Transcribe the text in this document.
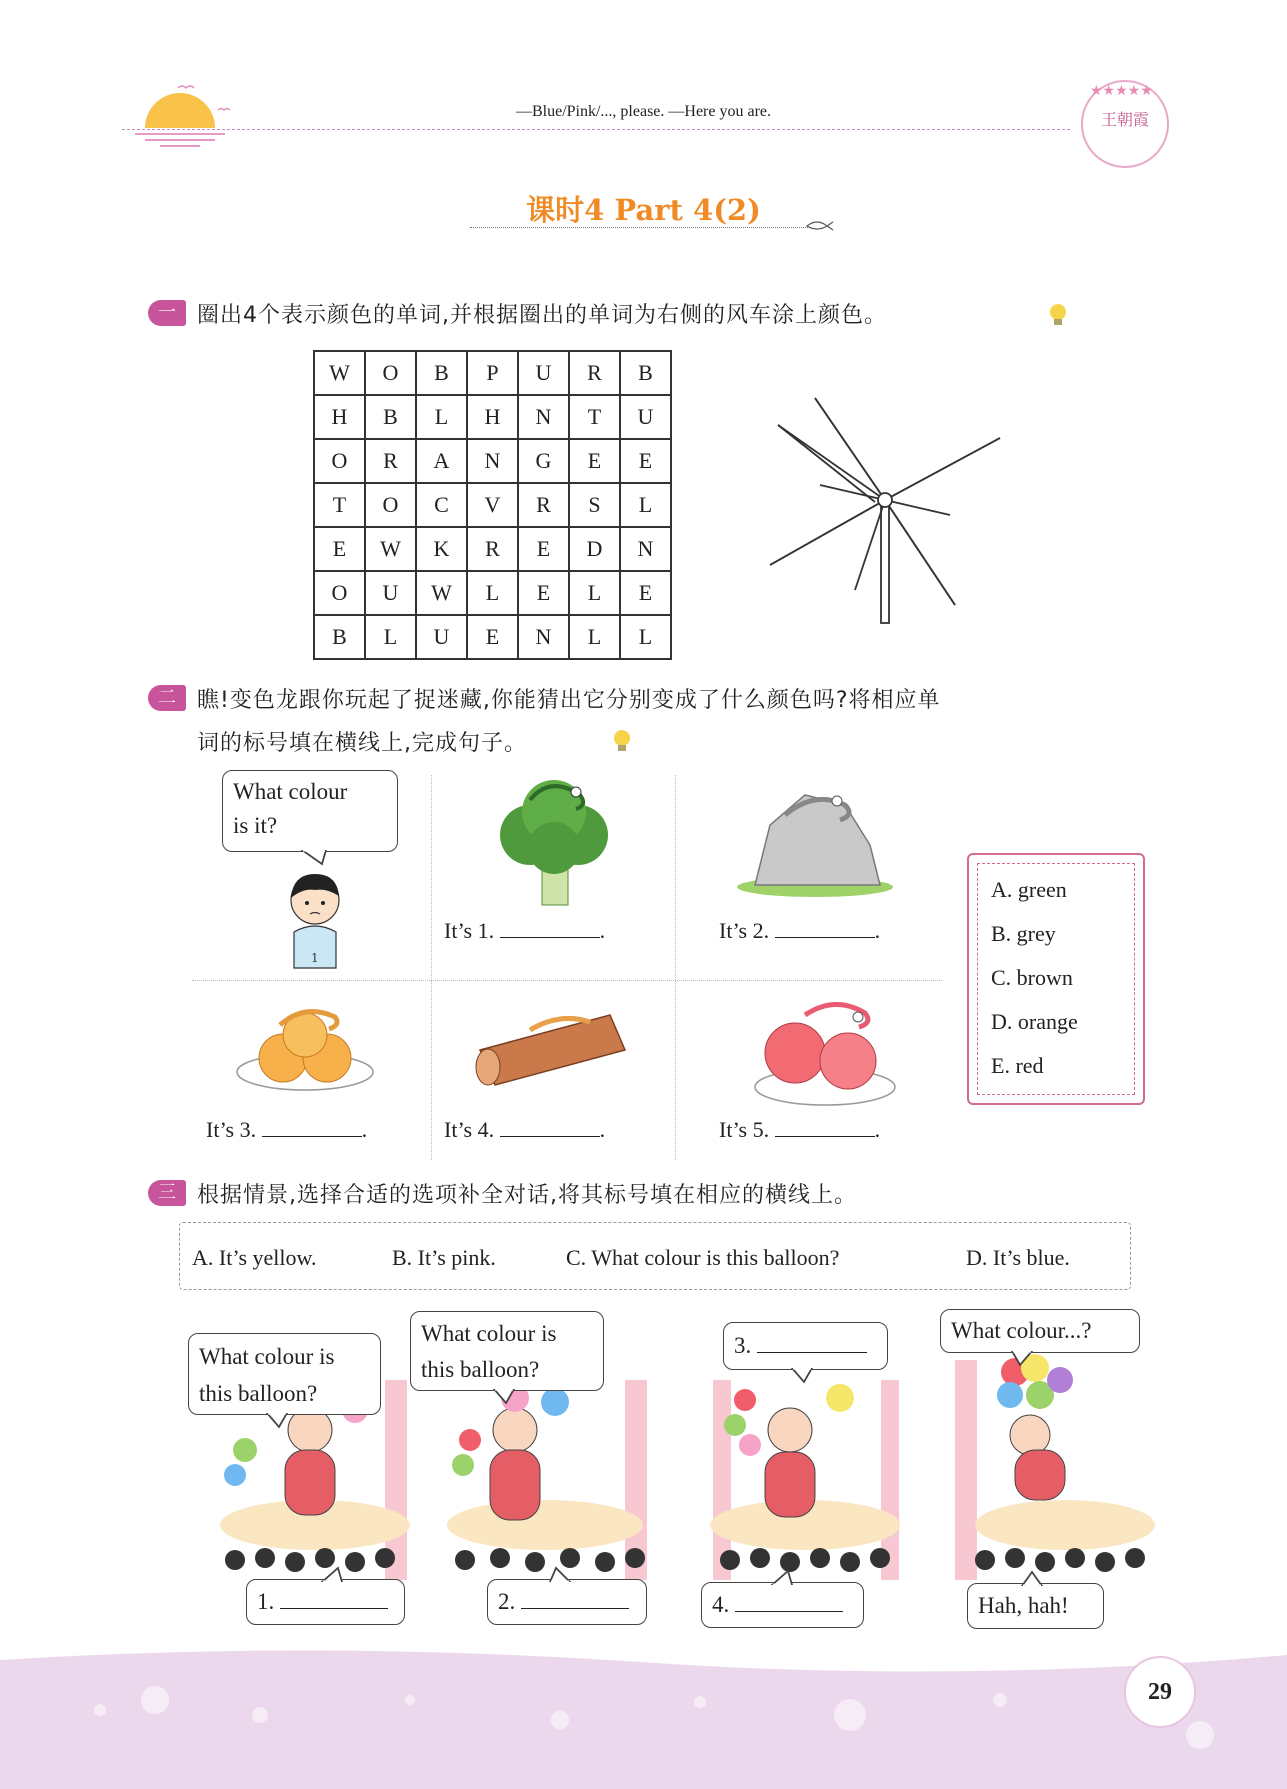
—Blue/Pink/..., please. —Here you are.
★★★★★
王朝霞
课时4 Part 4(2)
一 圈出4个表示颜色的单词,并根据圈出的单词为右侧的风车涂上颜色。
W	O	B	P	U	R	B
H	B	L	H	N	T	U
O	R	A	N	G	E	E
T	O	C	V	R	S	L
E	W	K	R	E	D	N
O	U	W	L	E	L	E
B	L	U	E	N	L	L
二 瞧!变色龙跟你玩起了捉迷藏,你能猜出它分别变成了什么颜色吗?将相应单
词的标号填在横线上,完成句子。
What colour
is it?
1
It’s 1.	.	It’s 2.	.
It’s 3.	.	It’s 4.	.	It’s 5.	.
A. green
B. grey
C. brown
D. orange
E. red
三 根据情景,选择合适的选项补全对话,将其标号填在相应的横线上。
A. It’s yellow.	B. It’s pink.	C. What colour is this balloon?	D. It’s blue.
What colour is
this balloon?
What colour is
this balloon?
3.
What colour...?
1.	2.	4.	Hah, hah!
29
